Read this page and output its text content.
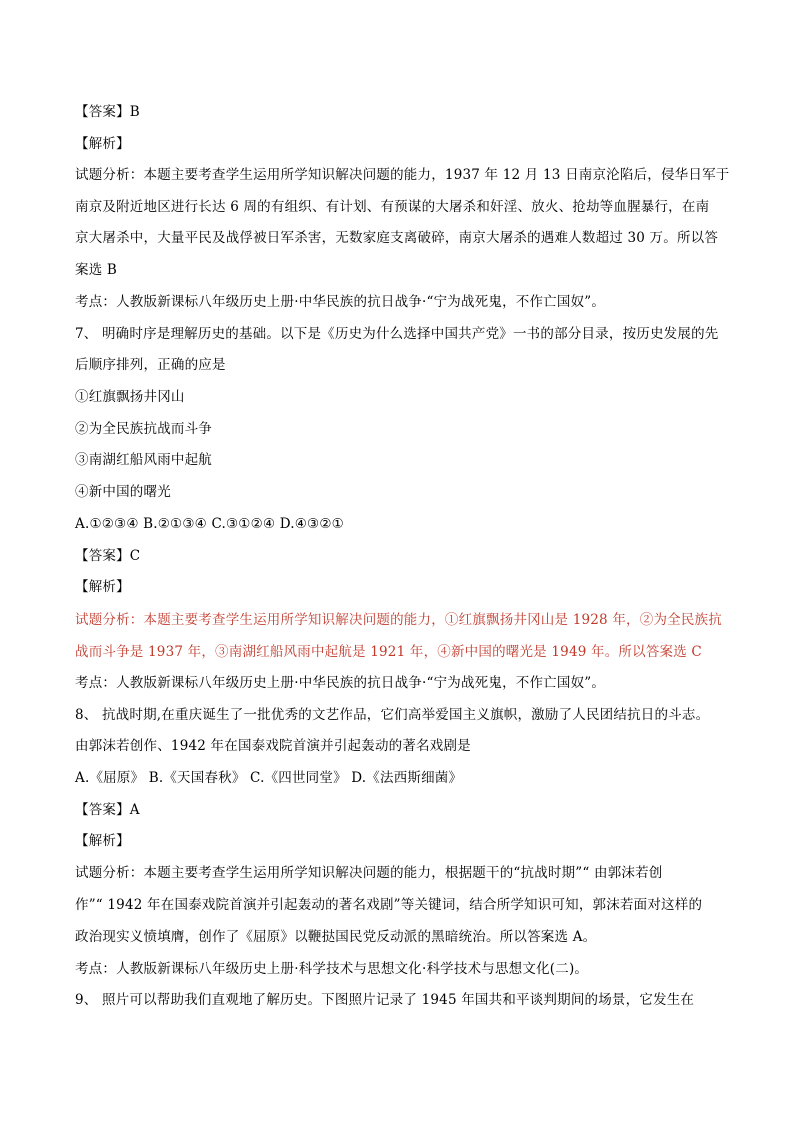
【答案】B
【解析】
试题分析：本题主要考查学生运用所学知识解决问题的能力，1937 年 12 月 13 日南京沦陷后，侵华日军于
南京及附近地区进行长达 6 周的有组织、有计划、有预谋的大屠杀和奸淫、放火、抢劫等血腥暴行，在南
京大屠杀中，大量平民及战俘被日军杀害，无数家庭支离破碎，南京大屠杀的遇难人数超过 30 万。所以答
案选 B
考点：人教版新课标八年级历史上册·中华民族的抗日战争·“宁为战死鬼，不作亡国奴”。
7、 明确时序是理解历史的基础。以下是《历史为什么选择中国共产党》一书的部分目录，按历史发展的先
后顺序排列，正确的应是
①红旗飘扬井冈山
②为全民族抗战而斗争
③南湖红船风雨中起航
④新中国的曙光
A.①②③④ B.②①③④ C.③①②④ D.④③②①
【答案】C
【解析】
试题分析：本题主要考查学生运用所学知识解决问题的能力，①红旗飘扬井冈山是 1928 年，②为全民族抗
战而斗争是 1937 年，③南湖红船风雨中起航是 1921 年，④新中国的曙光是 1949 年。所以答案选 C
考点：人教版新课标八年级历史上册·中华民族的抗日战争·“宁为战死鬼，不作亡国奴”。
8、 抗战时期,在重庆诞生了一批优秀的文艺作品，它们高举爱国主义旗帜，激励了人民团结抗日的斗志。
由郭沫若创作、1942 年在国泰戏院首演并引起轰动的著名戏剧是
A.《屈原》 B.《天国春秋》 C.《四世同堂》 D.《法西斯细菌》
【答案】A
【解析】
试题分析：本题主要考查学生运用所学知识解决问题的能力，根据题干的“抗战时期”“ 由郭沫若创
作”“ 1942 年在国泰戏院首演并引起轰动的著名戏剧”等关键词，结合所学知识可知，郭沫若面对这样的
政治现实义愤填膺，创作了《屈原》以鞭挞国民党反动派的黑暗统治。所以答案选 A。
考点：人教版新课标八年级历史上册·科学技术与思想文化·科学技术与思想文化(二)。
9、 照片可以帮助我们直观地了解历史。下图照片记录了 1945 年国共和平谈判期间的场景，它发生在
